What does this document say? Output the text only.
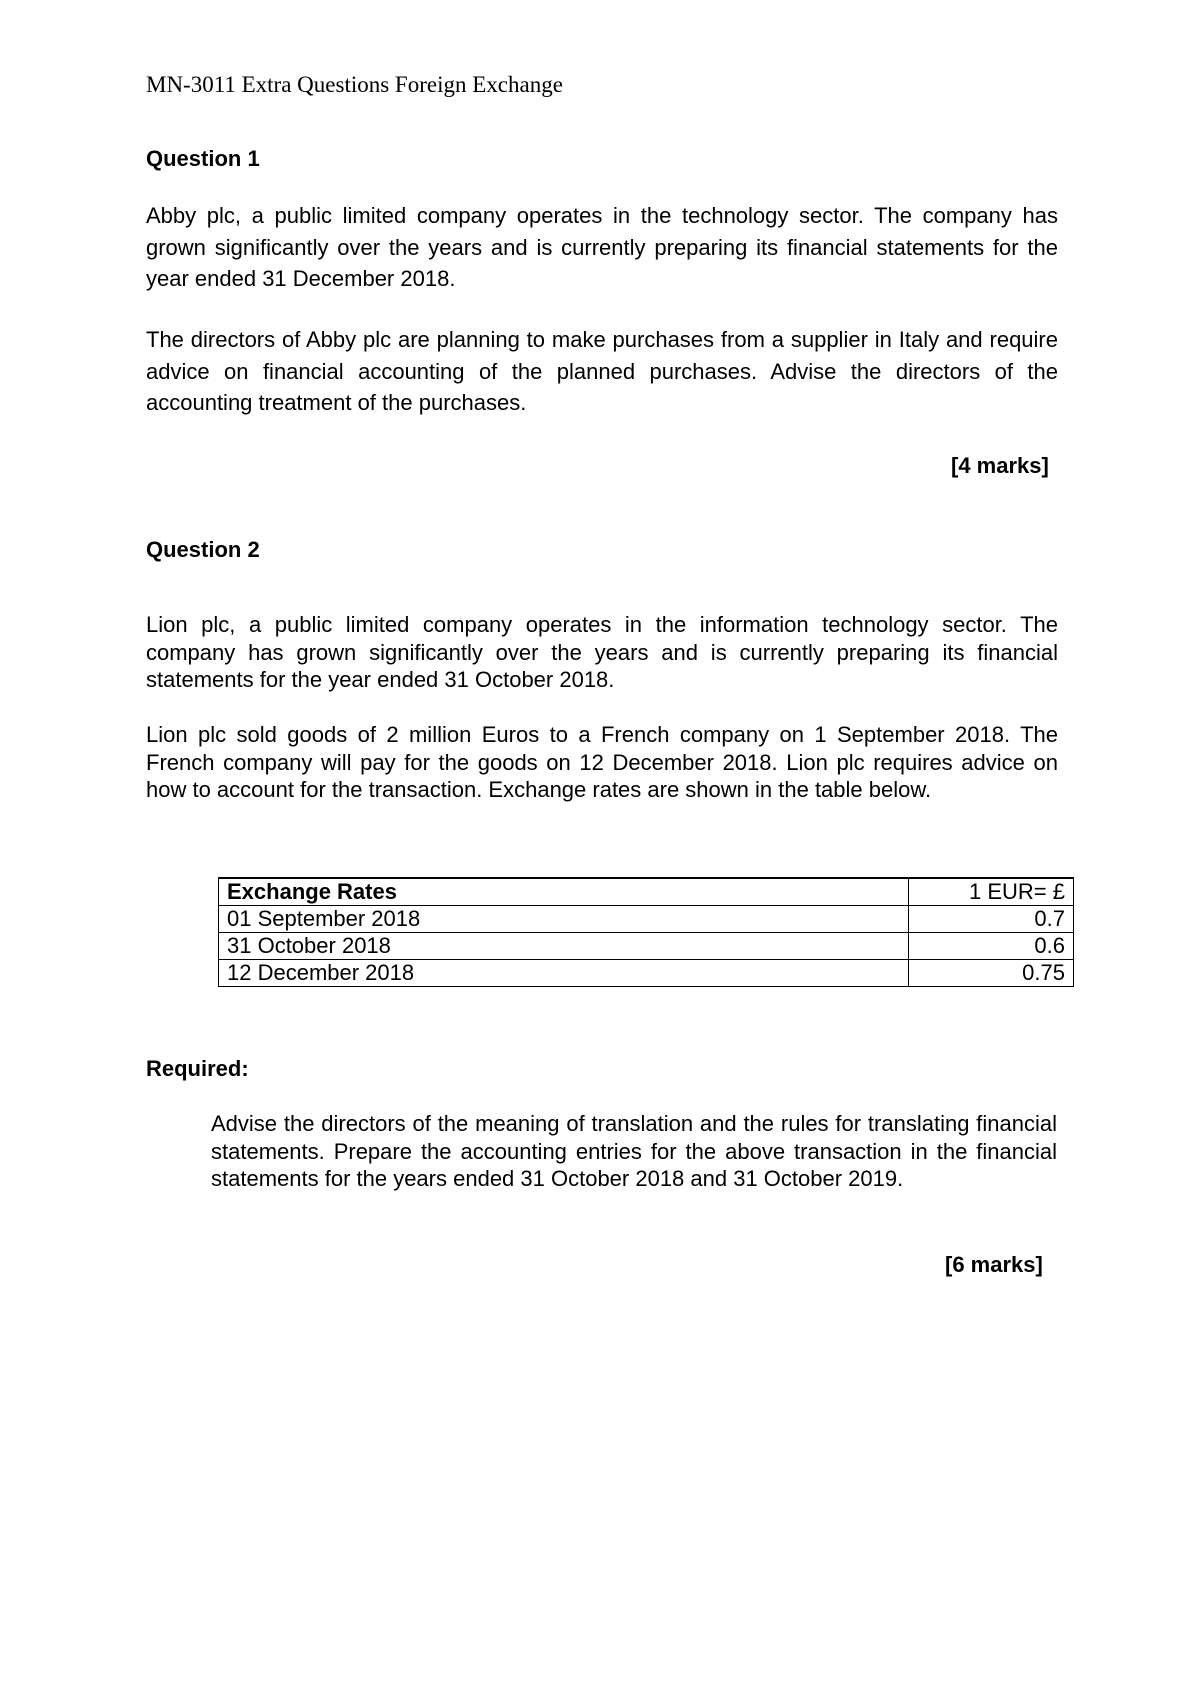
MN-3011 Extra Questions Foreign Exchange
Question 1

Abby plc, a public limited company operates in the technology sector. The company has grown significantly over the years and is currently preparing its financial statements for the year ended 31 December 2018.

The directors of Abby plc are planning to make purchases from a supplier in Italy and require advice on financial accounting of the planned purchases. Advise the directors of the accounting treatment of the purchases.

[4 marks]
Question 2

Lion plc, a public limited company operates in the information technology sector. The company has grown significantly over the years and is currently preparing its financial statements for the year ended 31 October 2018.

Lion plc sold goods of 2 million Euros to a French company on 1 September 2018. The French company will pay for the goods on 12 December 2018. Lion plc requires advice on how to account for the transaction. Exchange rates are shown in the table below.

Exchange Rates	1 EUR= £
01 September 2018	0.7
31 October 2018	0.6
12 December 2018	0.75
Required:

Advise the directors of the meaning of translation and the rules for translating financial statements. Prepare the accounting entries for the above transaction in the financial statements for the years ended 31 October 2018 and 31 October 2019.

[6 marks]
